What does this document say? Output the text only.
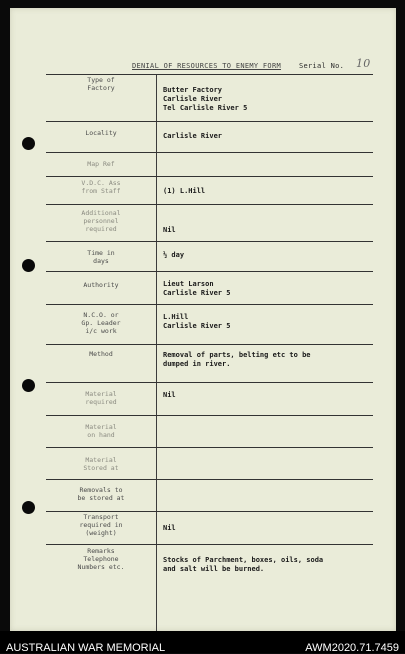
DENIAL OF RESOURCES TO ENEMY FORM	Serial No. 10
Type of
Factory
Locality
Map Ref
V.D.C. Ass
from Staff
Additional
personnel
required
Time in
days
Authority
N.C.O. or
Gp. Leader
i/c work
Method
Material
required
Material
on hand
Material
Stored at
Removals to
be stored at
Transport
required in
(weight)
Remarks
Telephone
Numbers etc.
Butter Factory
Carlisle River
Tel Carlisle River 5
Carlisle River
(1) L.Hill
Nil
½ day
Lieut Larson
Carlisle River 5
L.Hill
Carlisle River 5
Removal of parts, belting etc to be
dumped in river.
Nil
Nil
Stocks of Parchment, boxes, oils, soda
and salt will be burned.
AUSTRALIAN WAR MEMORIAL	AWM2020.71.7459
